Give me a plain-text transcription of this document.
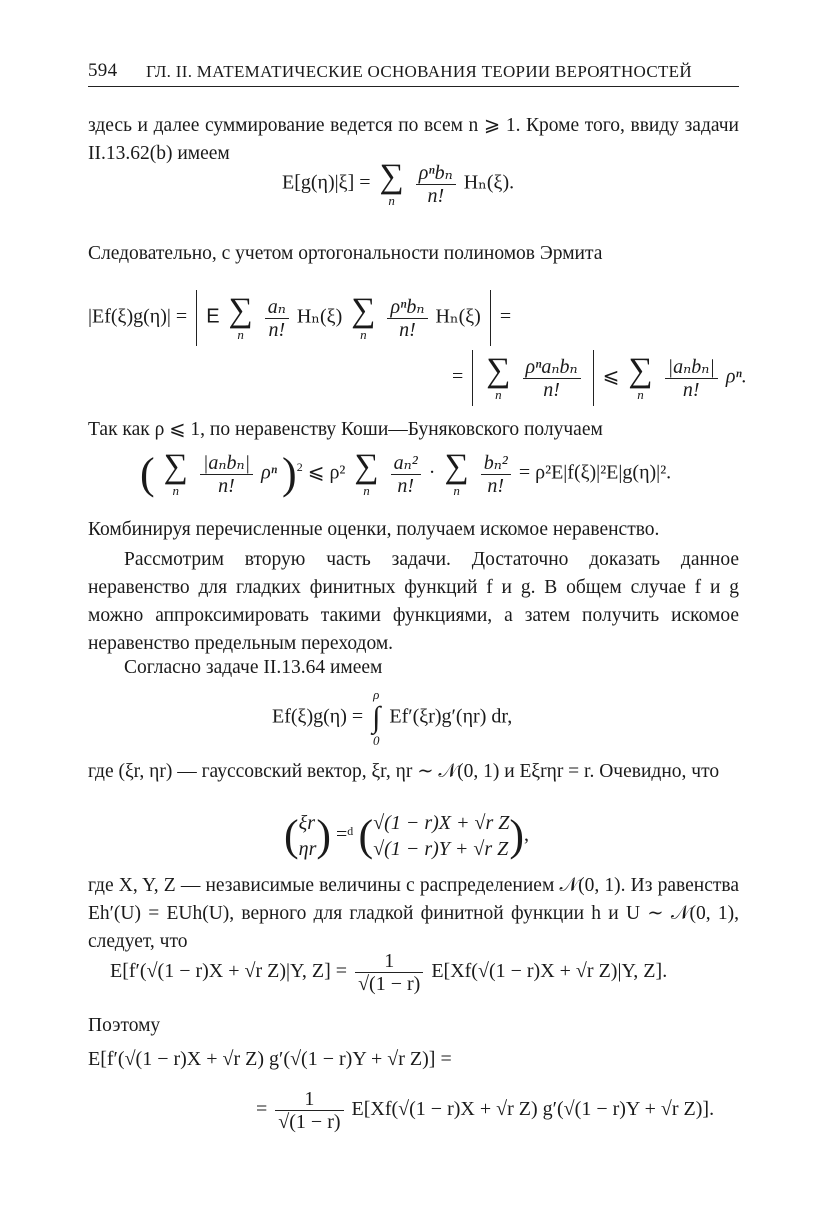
594 ГЛ. II. МАТЕМАТИЧЕСКИЕ ОСНОВАНИЯ ТЕОРИИ ВЕРОЯТНОСТЕЙ
здесь и далее суммирование ведется по всем n ⩾ 1. Кроме того, ввиду задачи II.13.62(b) имеем
E[g(η)|ξ] = ∑
n
	$\frac{\text{ρⁿbₙ}}{n!} H_n(\xi)$.
Следовательно, с учетом ортогональности полиномов Эрмита
|Ef(ξ)g(η)| = E ∑
n
	$\frac{\text{aₙ}}{n!} H_n(\xi)$ ∑
n
	$\frac{\text{ρⁿbₙ}}{n!} H_n(\xi)$ =
= ∑
n
	$\frac{\text{ρⁿaₙbₙ}}{n!}$ ⩽ ∑
n
	$\frac{\text{|aₙbₙ|}}{n!} \rho^n$.
Так как ρ ⩽ 1, по неравенству Коши—Буняковского получаем
( ∑
n
	$\frac{\text{|aₙbₙ|}}{n!}$ ρⁿ )$^2$ ⩽ ρ² ∑
n
	$\frac{\text{aₙ²}}{n!}$ · ∑
n
	$\frac{\text{bₙ²}}{n!} = \rho^2E|f(\xi)|^2E|g(\eta)|^2$.
Комбинируя перечисленные оценки, получаем искомое неравенство.
Рассмотрим вторую часть задачи. Достаточно доказать данное неравенство для гладких финитных функций f и g. В общем случае f и g можно аппроксимировать такими функциями, а затем получить искомое неравенство предельным переходом.
Согласно задаче II.13.64 имеем
Ef(ξ)g(η) =
ρ
∫
0
Ef′(ξr)g′(ηr) dr,
где (ξr, ηr) — гауссовский вектор, ξr, ηr ∼ 𝒩(0, 1) и Eξrηr = r. Очевидно, что
( ξr
ηr ) =ᵈ ( √(1 − r)X + √r Z
√(1 − r)Y + √r Z ),
где X, Y, Z — независимые величины с распределением 𝒩(0, 1). Из равенства Eh′(U) = EUh(U), верного для гладкой финитной функции h и U ∼ 𝒩(0, 1), следует, что
E[f′(√(1 − r)X + √r Z)|Y, $Z] = \frac{1}{√(1 - r)} E[Xf(√(1 - r)X + √r$ Z)|Y, Z].
Поэтому
E[f′(√(1 − r)X + √r Z) g′(√(1 − r)Y + √r Z)] =
= $\frac{1}{√(1 - r)} E[Xf(√(1 - r)X + √r$ Z) g′(√(1 − r)Y + √r Z)].
